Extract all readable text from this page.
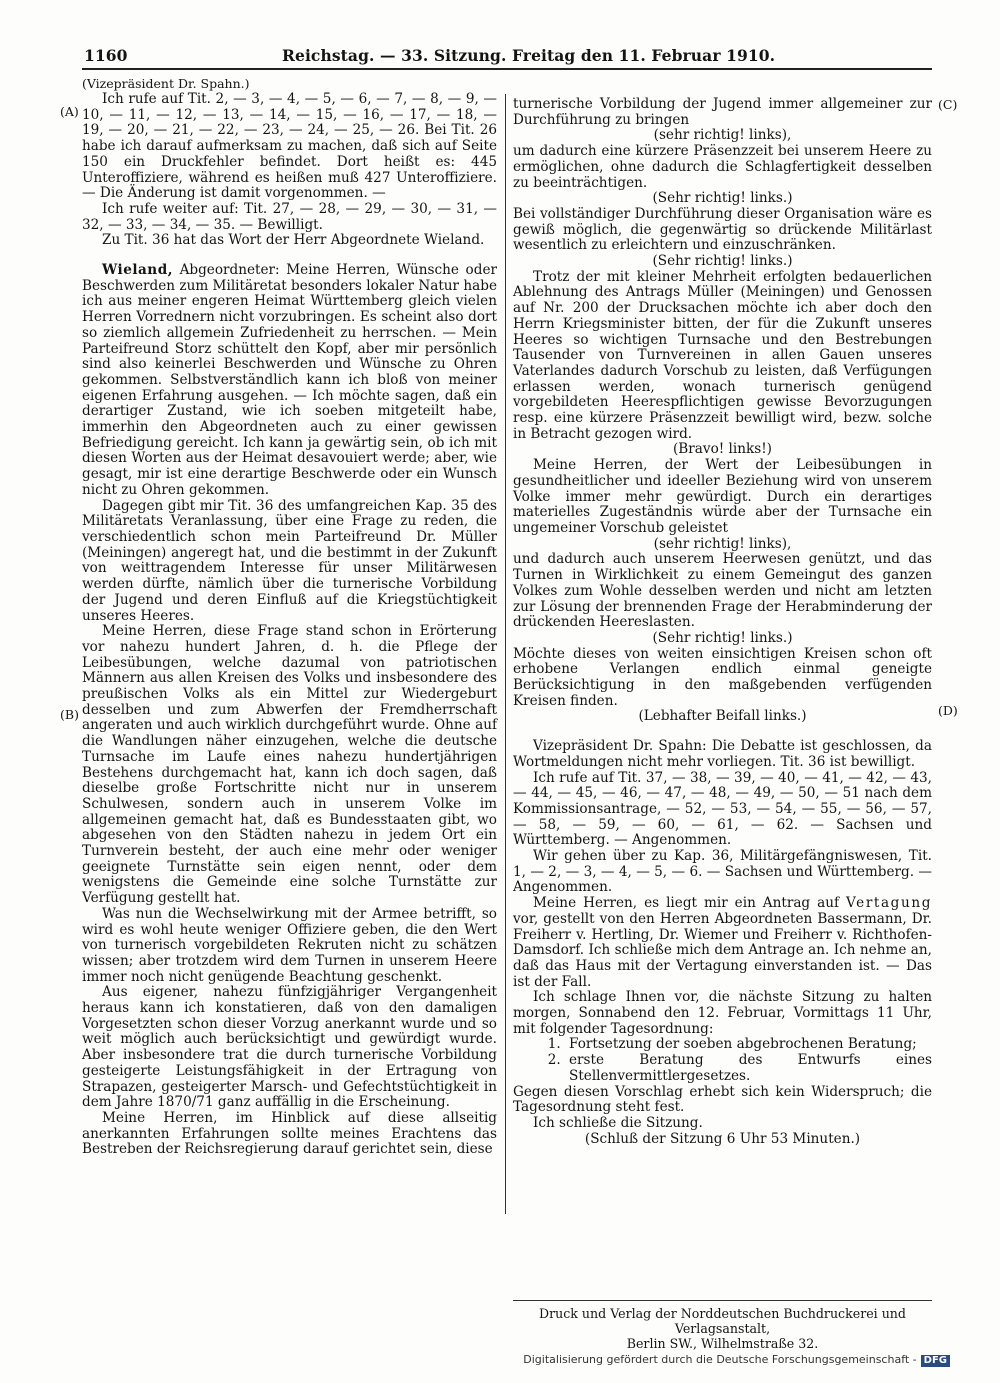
1160	Reichstag. — 33. Sitzung. Freitag den 11. Februar 1910.
(A)
(B)
(C)
(D)

(Vizepräsident Dr. Spahn.)

Ich rufe auf Tit. 2, — 3, — 4, — 5, — 6, — 7, — 8, — 9, — 10, — 11, — 12, — 13, — 14, — 15, — 16, — 17, — 18, — 19, — 20, — 21, — 22, — 23, — 24, — 25, — 26. Bei Tit. 26 habe ich darauf aufmerksam zu machen, daß sich auf Seite 150 ein Druckfehler befindet. Dort heißt es: 445 Unteroffiziere, während es heißen muß 427 Unteroffiziere. — Die Änderung ist damit vorgenommen. —

Ich rufe weiter auf: Tit. 27, — 28, — 29, — 30, — 31, — 32, — 33, — 34, — 35. — Bewilligt.

Zu Tit. 36 hat das Wort der Herr Abgeordnete Wieland.

Wieland, Abgeordneter: Meine Herren, Wünsche oder Beschwerden zum Militäretat besonders lokaler Natur habe ich aus meiner engeren Heimat Württemberg gleich vielen Herren Vorrednern nicht vorzubringen. Es scheint also dort so ziemlich allgemein Zufriedenheit zu herrschen. — Mein Parteifreund Storz schüttelt den Kopf, aber mir persönlich sind also keinerlei Beschwerden und Wünsche zu Ohren gekommen. Selbstverständlich kann ich bloß von meiner eigenen Erfahrung ausgehen. — Ich möchte sagen, daß ein derartiger Zustand, wie ich soeben mitgeteilt habe, immerhin den Abgeordneten auch zu einer gewissen Befriedigung gereicht. Ich kann ja gewärtig sein, ob ich mit diesen Worten aus der Heimat desavouiert werde; aber, wie gesagt, mir ist eine derartige Beschwerde oder ein Wunsch nicht zu Ohren gekommen.

Dagegen gibt mir Tit. 36 des umfangreichen Kap. 35 des Militäretats Veranlassung, über eine Frage zu reden, die verschiedentlich schon mein Parteifreund Dr. Müller (Meiningen) angeregt hat, und die bestimmt in der Zukunft von weittragendem Interesse für unser Militärwesen werden dürfte, nämlich über die turnerische Vorbildung der Jugend und deren Einfluß auf die Kriegstüchtigkeit unseres Heeres.

Meine Herren, diese Frage stand schon in Erörterung vor nahezu hundert Jahren, d. h. die Pflege der Leibesübungen, welche dazumal von patriotischen Männern aus allen Kreisen des Volks und insbesondere des preußischen Volks als ein Mittel zur Wiedergeburt desselben und zum Abwerfen der Fremdherrschaft angeraten und auch wirklich durchgeführt wurde. Ohne auf die Wandlungen näher einzugehen, welche die deutsche Turnsache im Laufe eines nahezu hundertjährigen Bestehens durchgemacht hat, kann ich doch sagen, daß dieselbe große Fortschritte nicht nur in unserem Schulwesen, sondern auch in unserem Volke im allgemeinen gemacht hat, daß es Bundesstaaten gibt, wo abgesehen von den Städten nahezu in jedem Ort ein Turnverein besteht, der auch eine mehr oder weniger geeignete Turnstätte sein eigen nennt, oder dem wenigstens die Gemeinde eine solche Turnstätte zur Verfügung gestellt hat.

Was nun die Wechselwirkung mit der Armee betrifft, so wird es wohl heute weniger Offiziere geben, die den Wert von turnerisch vorgebildeten Rekruten nicht zu schätzen wissen; aber trotzdem wird dem Turnen in unserem Heere immer noch nicht genügende Beachtung geschenkt.

Aus eigener, nahezu fünfzigjähriger Vergangenheit heraus kann ich konstatieren, daß von den damaligen Vorgesetzten schon dieser Vorzug anerkannt wurde und so weit möglich auch berücksichtigt und gewürdigt wurde. Aber insbesondere trat die durch turnerische Vorbildung gesteigerte Leistungsfähigkeit in der Ertragung von Strapazen, gesteigerter Marsch- und Gefechtstüchtigkeit in dem Jahre 1870/71 ganz auffällig in die Erscheinung.

Meine Herren, im Hinblick auf diese allseitig anerkannten Erfahrungen sollte meines Erachtens das Bestreben der Reichsregierung darauf gerichtet sein, diese

turnerische Vorbildung der Jugend immer allgemeiner zur Durchführung zu bringen

(sehr richtig! links),

um dadurch eine kürzere Präsenzzeit bei unserem Heere zu ermöglichen, ohne dadurch die Schlagfertigkeit desselben zu beeinträchtigen.

(Sehr richtig! links.)

Bei vollständiger Durchführung dieser Organisation wäre es gewiß möglich, die gegenwärtig so drückende Militärlast wesentlich zu erleichtern und einzuschränken.

(Sehr richtig! links.)

Trotz der mit kleiner Mehrheit erfolgten bedauerlichen Ablehnung des Antrags Müller (Meiningen) und Genossen auf Nr. 200 der Drucksachen möchte ich aber doch den Herrn Kriegsminister bitten, der für die Zukunft unseres Heeres so wichtigen Turnsache und den Bestrebungen Tausender von Turnvereinen in allen Gauen unseres Vaterlandes dadurch Vorschub zu leisten, daß Verfügungen erlassen werden, wonach turnerisch genügend vorgebildeten Heerespflichtigen gewisse Bevorzugungen resp. eine kürzere Präsenzzeit bewilligt wird, bezw. solche in Betracht gezogen wird.

(Bravo! links!)

Meine Herren, der Wert der Leibesübungen in gesundheitlicher und ideeller Beziehung wird von unserem Volke immer mehr gewürdigt. Durch ein derartiges materielles Zugeständnis würde aber der Turnsache ein ungemeiner Vorschub geleistet

(sehr richtig! links),

und dadurch auch unserem Heerwesen genützt, und das Turnen in Wirklichkeit zu einem Gemeingut des ganzen Volkes zum Wohle desselben werden und nicht am letzten zur Lösung der brennenden Frage der Herabminderung der drückenden Heereslasten.

(Sehr richtig! links.)

Möchte dieses von weiten einsichtigen Kreisen schon oft erhobene Verlangen endlich einmal geneigte Berücksichtigung in den maßgebenden verfügenden Kreisen finden.

(Lebhafter Beifall links.)

Vizepräsident Dr. Spahn: Die Debatte ist geschlossen, da Wortmeldungen nicht mehr vorliegen. Tit. 36 ist bewilligt.

Ich rufe auf Tit. 37, — 38, — 39, — 40, — 41, — 42, — 43, — 44, — 45, — 46, — 47, — 48, — 49, — 50, — 51 nach dem Kommissionsantrage, — 52, — 53, — 54, — 55, — 56, — 57, — 58, — 59, — 60, — 61, — 62. — Sachsen und Württemberg. — Angenommen.

Wir gehen über zu Kap. 36, Militärgefängniswesen, Tit. 1, — 2, — 3, — 4, — 5, — 6. — Sachsen und Württemberg. — Angenommen.

Meine Herren, es liegt mir ein Antrag auf Vertagung vor, gestellt von den Herren Abgeordneten Bassermann, Dr. Freiherr v. Hertling, Dr. Wiemer und Freiherr v. Richthofen-Damsdorf. Ich schließe mich dem Antrage an. Ich nehme an, daß das Haus mit der Vertagung einverstanden ist. — Das ist der Fall.

Ich schlage Ihnen vor, die nächste Sitzung zu halten morgen, Sonnabend den 12. Februar, Vormittags 11 Uhr, mit folgender Tagesordnung:

1. Fortsetzung der soeben abgebrochenen Beratung;
2. erste Beratung des Entwurfs eines Stellenvermittlergesetzes.

Gegen diesen Vorschlag erhebt sich kein Widerspruch; die Tagesordnung steht fest.

Ich schließe die Sitzung.

(Schluß der Sitzung 6 Uhr 53 Minuten.)

Druck und Verlag der Norddeutschen Buchdruckerei und Verlagsanstalt,
Berlin SW., Wilhelmstraße 32.
Digitalisierung gefördert durch die Deutsche Forschungsgemeinschaft - DFG
